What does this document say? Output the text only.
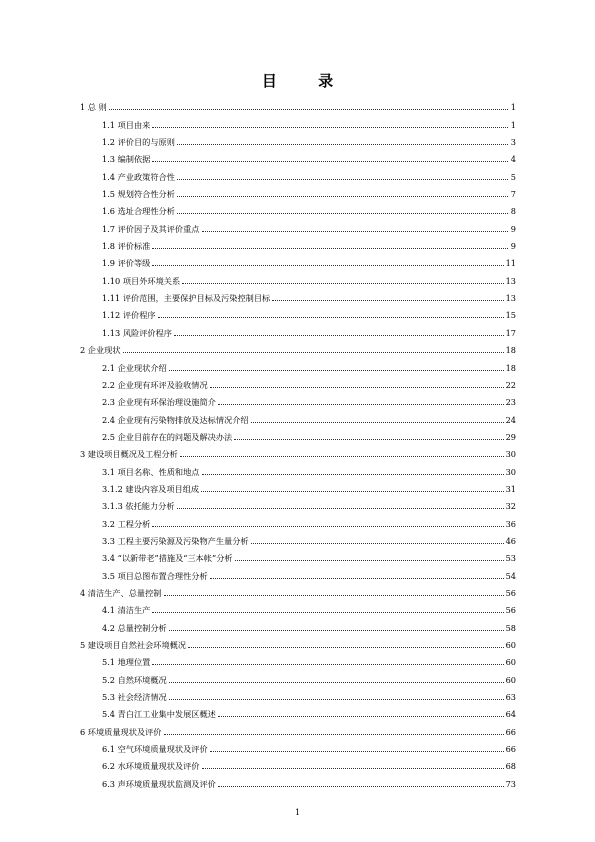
目 录
1 总 则	1
1.1 项目由来	1
1.2 评价目的与原则	3
1.3 编制依据	4
1.4 产业政策符合性	5
1.5 规划符合性分析	7
1.6 选址合理性分析	8
1.7 评价因子及其评价重点	9
1.8 评价标准	9
1.9 评价等级	11
1.10 项目外环境关系	13
1.11 评价范围，主要保护目标及污染控制目标	13
1.12 评价程序	15
1.13 风险评价程序	17
2 企业现状	18
2.1 企业现状介绍	18
2.2 企业现有环评及验收情况	22
2.3 企业现有环保治理设施简介	23
2.4 企业现有污染物排放及达标情况介绍	24
2.5 企业目前存在的问题及解决办法	29
3 建设项目概况及工程分析	30
3.1 项目名称、性质和地点	30
3.1.2 建设内容及项目组成	31
3.1.3 依托能力分析	32
3.2 工程分析	36
3.3 工程主要污染源及污染物产生量分析	46
3.4 “以新带老”措施及“三本帐”分析	53
3.5 项目总图布置合理性分析	54
4 清洁生产、总量控制	56
4.1 清洁生产	56
4.2 总量控制分析	58
5 建设项目自然社会环境概况	60
5.1 地理位置	60
5.2 自然环境概况	60
5.3 社会经济情况	63
5.4 青白江工业集中发展区概述	64
6 环境质量现状及评价	66
6.1 空气环境质量现状及评价	66
6.2 水环境质量现状及评价	68
6.3 声环境质量现状监测及评价	73
1
